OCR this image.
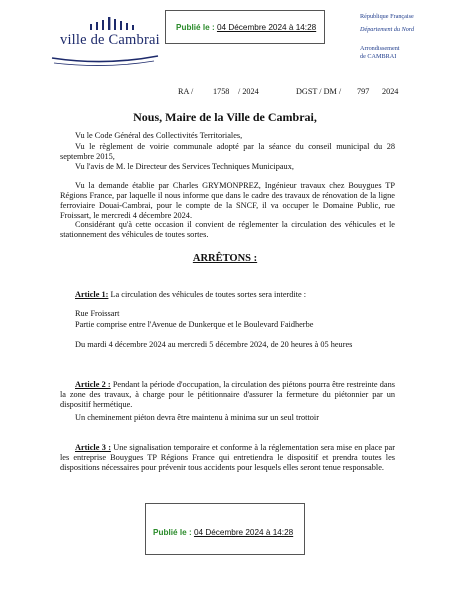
ville de Cambrai
Publié le : 04 Décembre 2024 à 14:28
République Française
Département du Nord
Arrondissement
de CAMBRAI
RA / 1758 / 2024	DGST / DM / 797 2024
Nous, Maire de la Ville de Cambrai,
Vu le Code Général des Collectivités Territoriales,
Vu le règlement de voirie communale adopté par la séance du conseil municipal du 28 septembre 2015,
Vu l'avis de M. le Directeur des Services Techniques Municipaux,
Vu la demande établie par Charles GRYMONPREZ, Ingénieur travaux chez Bouygues TP Régions France, par laquelle il nous informe que dans le cadre des travaux de rénovation de la ligne ferroviaire Douai-Cambrai, pour le compte de la SNCF, il va occuper le Domaine Public, rue Froissart, le mercredi 4 décembre 2024.
Considérant qu'à cette occasion il convient de réglementer la circulation des véhicules et le stationnement des véhicules de toutes sortes.
ARRÊTONS :
Article 1: La circulation des véhicules de toutes sortes sera interdite :
Rue Froissart
Partie comprise entre l'Avenue de Dunkerque et le Boulevard Faidherbe
Du mardi 4 décembre 2024 au mercredi 5 décembre 2024, de 20 heures à 05 heures
Article 2 : Pendant la période d'occupation, la circulation des piétons pourra être restreinte dans la zone des travaux, à charge pour le pétitionnaire d'assurer la fermeture du piétonnier par un dispositif hermétique.
Un cheminement piéton devra être maintenu à minima sur un seul trottoir
Article 3 : Une signalisation temporaire et conforme à la réglementation sera mise en place par les entreprise Bouygues TP Régions France qui entretiendra le dispositif et prendra toutes les dispositions nécessaires pour prévenir tous accidents pour lesquels elles seront tenue responsable.
Publié le : 04 Décembre 2024 à 14:28
